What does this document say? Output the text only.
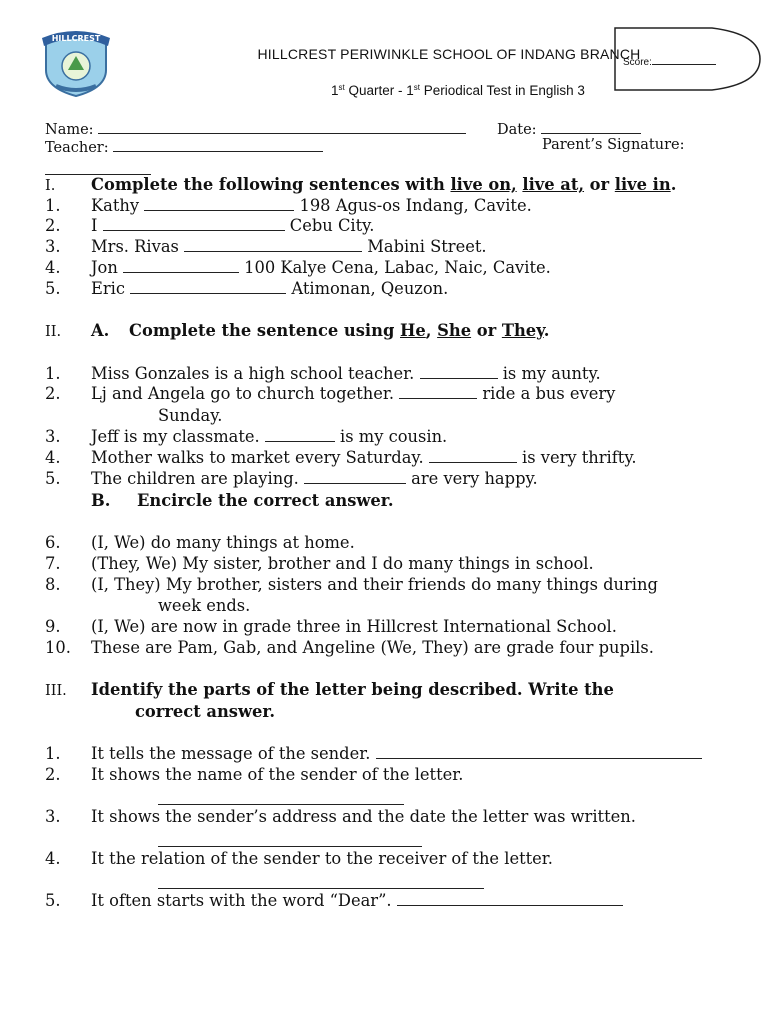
HILLCREST
HILLCREST PERIWINKLE SCHOOL OF INDANG BRANCH
Score:
1st Quarter - 1st Periodical Test in English 3
Name:	Date:
Teacher:	Parent’s Signature:
I. Complete the following sentences with live on, live at, or live in.
1. Kathy	198 Agus-os Indang, Cavite.
2. I	Cebu City.
3. Mrs. Rivas	Mabini Street.
4. Jon	100 Kalye Cena, Labac, Naic, Cavite.
5. Eric	Atimonan, Qeuzon.
II. A. Complete the sentence using He, She or They.
1. Miss Gonzales is a high school teacher.	is my aunty.
2. Lj and Angela go to church together.	ride a bus every
Sunday.
3. Jeff is my classmate.	is my cousin.
4. Mother walks to market every Saturday.	is very thrifty.
5. The children are playing.	are very happy.
B. Encircle the correct answer.
6. (I, We) do many things at home.
7. (They, We) My sister, brother and I do many things in school.
8. (I, They) My brother, sisters and their friends do many things during
week ends.
9. (I, We) are now in grade three in Hillcrest International School.
10. These are Pam, Gab, and Angeline (We, They) are grade four pupils.
III. Identify the parts of the letter being described. Write the
correct answer.
1. It tells the message of the sender.
2. It shows the name of the sender of the letter.
3. It shows the sender’s address and the date the letter was written.
4. It the relation of the sender to the receiver of the letter.
5. It often starts with the word “Dear”.
